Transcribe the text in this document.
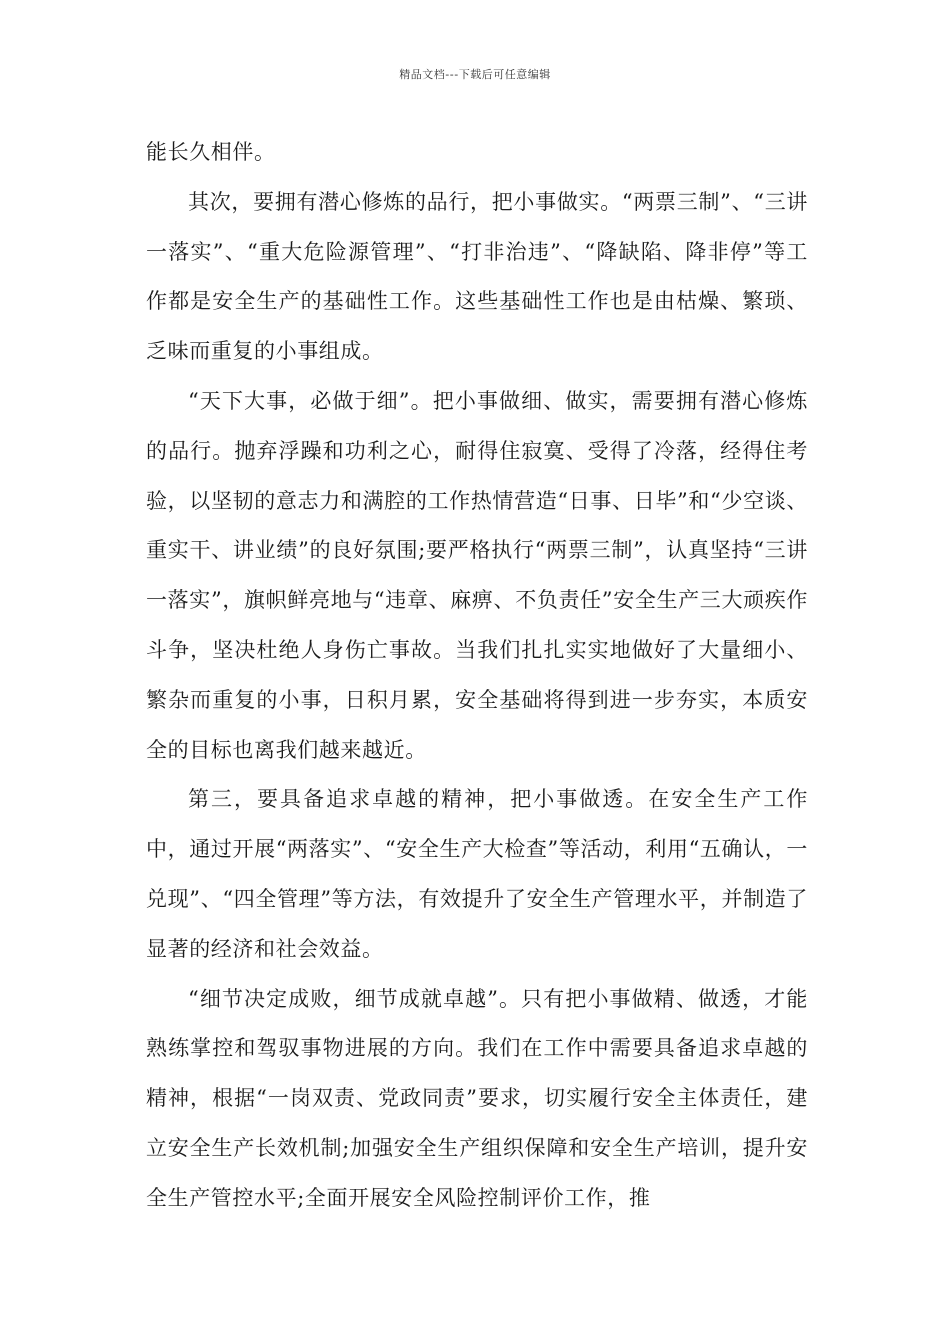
精品文档---下载后可任意编辑

能长久相伴。

其次，要拥有潜心修炼的品行，把小事做实。“两票三制”、“三讲一落实”、“重大危险源管理”、“打非治违”、“降缺陷、降非停”等工作都是安全生产的基础性工作。这些基础性工作也是由枯燥、繁琐、乏味而重复的小事组成。

“天下大事，必做于细”。把小事做细、做实，需要拥有潜心修炼的品行。抛弃浮躁和功利之心，耐得住寂寞、受得了冷落，经得住考验，以坚韧的意志力和满腔的工作热情营造“日事、日毕”和“少空谈、重实干、讲业绩”的良好氛围;要严格执行“两票三制”，认真坚持“三讲一落实”，旗帜鲜亮地与“违章、麻痹、不负责任”安全生产三大顽疾作斗争，坚决杜绝人身伤亡事故。当我们扎扎实实地做好了大量细小、繁杂而重复的小事，日积月累，安全基础将得到进一步夯实，本质安全的目标也离我们越来越近。

第三，要具备追求卓越的精神，把小事做透。在安全生产工作中，通过开展“两落实”、“安全生产大检查”等活动，利用“五确认，一兑现”、“四全管理”等方法，有效提升了安全生产管理水平，并制造了显著的经济和社会效益。

“细节决定成败，细节成就卓越”。只有把小事做精、做透，才能熟练掌控和驾驭事物进展的方向。我们在工作中需要具备追求卓越的精神，根据“一岗双责、党政同责”要求，切实履行安全主体责任，建立安全生产长效机制;加强安全生产组织保障和安全生产培训，提升安全生产管控水平;全面开展安全风险控制评价工作，推
